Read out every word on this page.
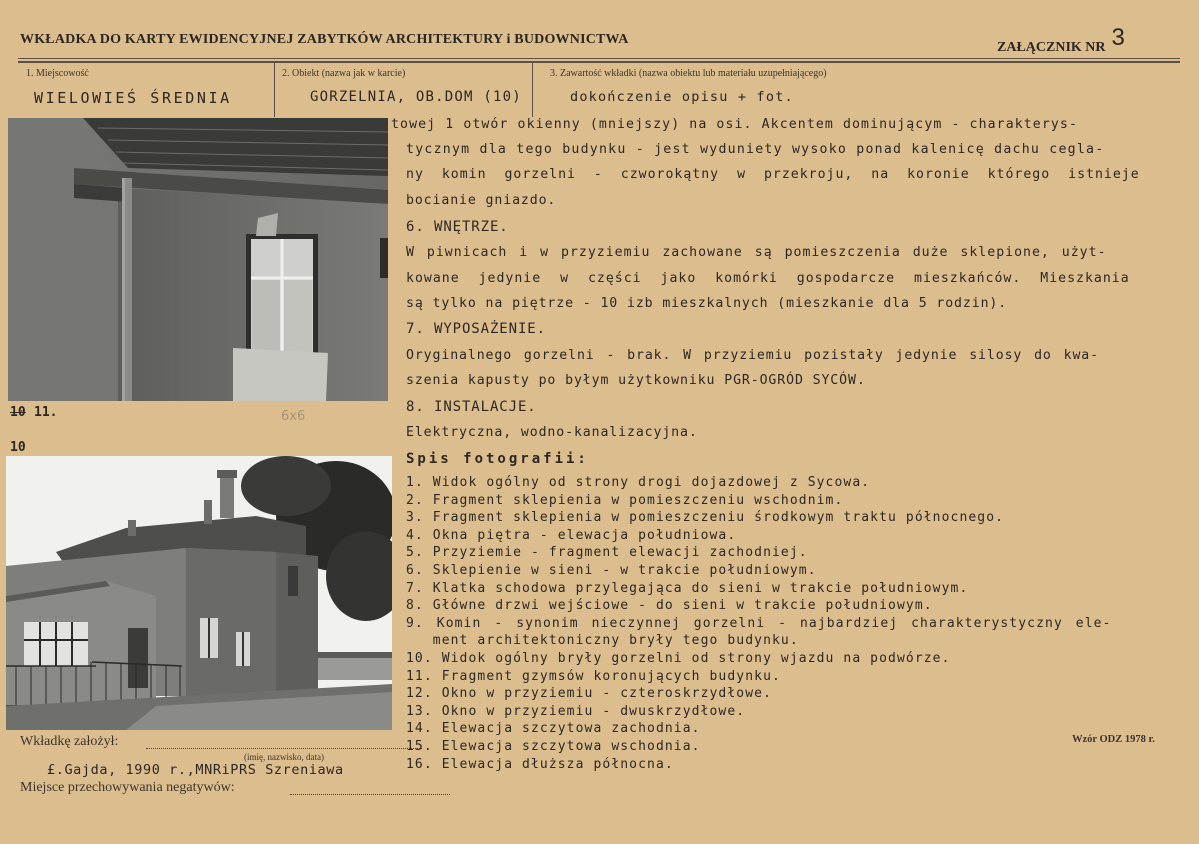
WKŁADKA DO KARTY EWIDENCYJNEJ ZABYTKÓW ARCHITEKTURY i BUDOWNICTWA
ZAŁĄCZNIK NR 3
1. Miejscowość
WIELOWIEŚ ŚREDNIA
2. Obiekt (nazwa jak w karcie)
GORZELNIA, OB.DOM (10)
3. Zawartość wkładki (nazwa obiektu lub materiału uzupełniającego)
dokończenie opisu + fot.
10 11.	6x6
10
towej 1 otwór okienny (mniejszy) na osi. Akcentem dominującym - charakterys-
tycznym dla tego budynku - jest wyduniety wysoko ponad kalenicę dachu cegla-
ny komin gorzelni - czworokątny w przekroju, na koronie którego istnieje
bocianie gniazdo.
6. WNĘTRZE.
W piwnicach i w przyziemiu zachowane są pomieszczenia duże sklepione, użyt-
kowane jedynie w części jako komórki gospodarcze mieszkańców. Mieszkania
są tylko na piętrze - 10 izb mieszkalnych (mieszkanie dla 5 rodzin).
7. WYPOSAŻENIE.
Oryginalnego gorzelni - brak. W przyziemiu pozistały jedynie silosy do kwa-
szenia kapusty po byłym użytkowniku PGR-OGRÓD SYCÓW.
8. INSTALACJE.
Elektryczna, wodno-kanalizacyjna.
Spis fotografii:
1. Widok ogólny od strony drogi dojazdowej z Sycowa.
2. Fragment sklepienia w pomieszczeniu wschodnim.
3. Fragment sklepienia w pomieszczeniu środkowym traktu północnego.
4. Okna piętra - elewacja południowa.
5. Przyziemie - fragment elewacji zachodniej.
6. Sklepienie w sieni - w trakcie południowym.
7. Klatka schodowa przylegająca do sieni w trakcie południowym.
8. Główne drzwi wejściowe - do sieni w trakcie południowym.
9. Komin - synonim nieczynnej gorzelni - najbardziej charakterystyczny ele-
ment architektoniczny bryły tego budynku.
10. Widok ogólny bryły gorzelni od strony wjazdu na podwórze.
11. Fragment gzymsów koronujących budynku.
12. Okno w przyziemiu - czteroskrzydłowe.
13. Okno w przyziemiu - dwuskrzydłowe.
14. Elewacja szczytowa zachodnia.
15. Elewacja szczytowa wschodnia.
16. Elewacja dłuższa północna.
Wkładkę założył:
(imię, nazwisko, data)
£.Gajda, 1990 r.,MNRiPRS Szreniawa
Miejsce przechowywania negatywów:
Wzór ODZ 1978 r.
